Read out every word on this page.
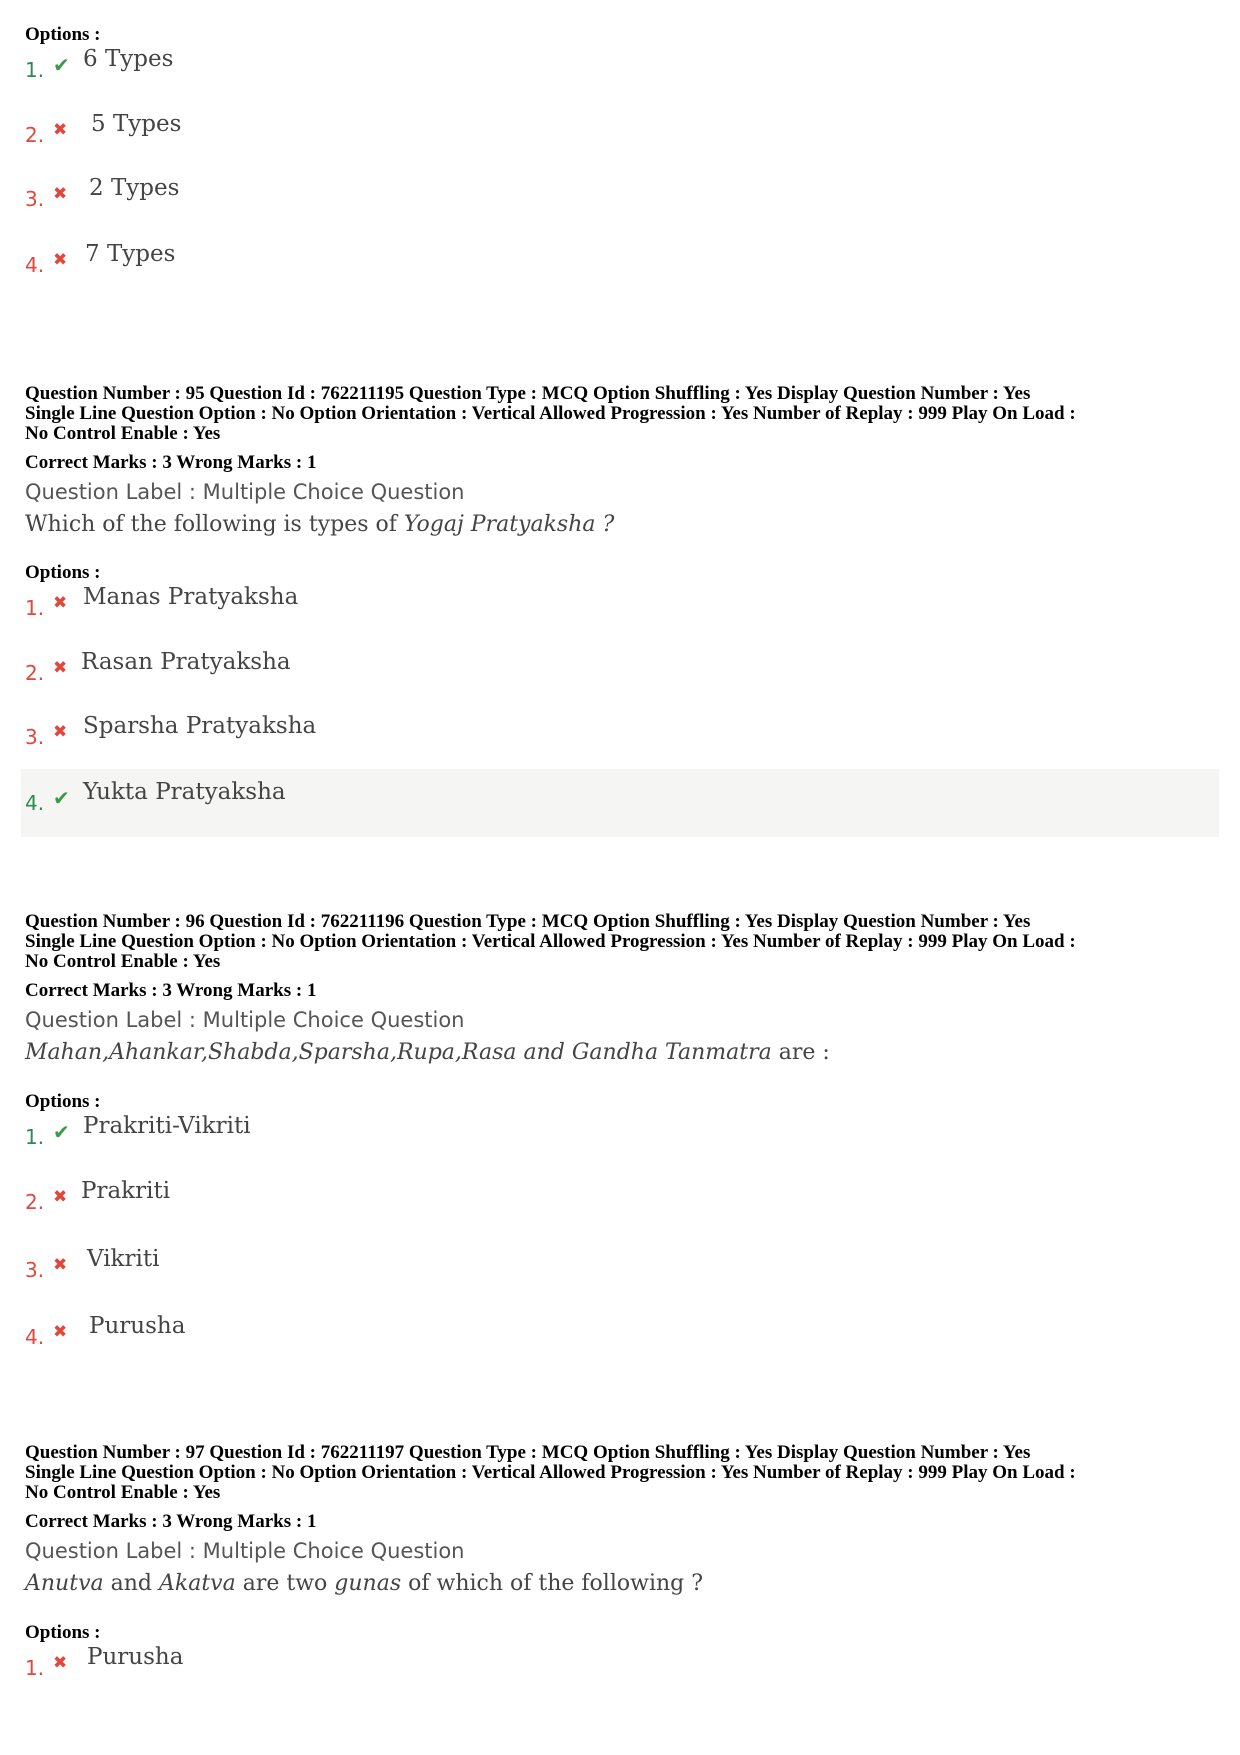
Options :
1. ✔ 6 Types
2. ✖ 5 Types
3. ✖ 2 Types
4. ✖ 7 Types
Question Number : 95 Question Id : 762211195 Question Type : MCQ Option Shuffling : Yes Display Question Number : Yes
Single Line Question Option : No Option Orientation : Vertical Allowed Progression : Yes Number of Replay : 999 Play On Load :
No Control Enable : Yes
Correct Marks : 3 Wrong Marks : 1
Question Label : Multiple Choice Question
Which of the following is types of Yogaj Pratyaksha ?
Options :
1. ✖ Manas Pratyaksha
2. ✖ Rasan Pratyaksha
3. ✖ Sparsha Pratyaksha
4. ✔ Yukta Pratyaksha
Question Number : 96 Question Id : 762211196 Question Type : MCQ Option Shuffling : Yes Display Question Number : Yes
Single Line Question Option : No Option Orientation : Vertical Allowed Progression : Yes Number of Replay : 999 Play On Load :
No Control Enable : Yes
Correct Marks : 3 Wrong Marks : 1
Question Label : Multiple Choice Question
Mahan,Ahankar,Shabda,Sparsha,Rupa,Rasa and Gandha Tanmatra are :
Options :
1. ✔ Prakriti-Vikriti
2. ✖ Prakriti
3. ✖ Vikriti
4. ✖ Purusha
Question Number : 97 Question Id : 762211197 Question Type : MCQ Option Shuffling : Yes Display Question Number : Yes
Single Line Question Option : No Option Orientation : Vertical Allowed Progression : Yes Number of Replay : 999 Play On Load :
No Control Enable : Yes
Correct Marks : 3 Wrong Marks : 1
Question Label : Multiple Choice Question
Anutva and Akatva are two gunas of which of the following ?
Options :
1. ✖ Purusha
